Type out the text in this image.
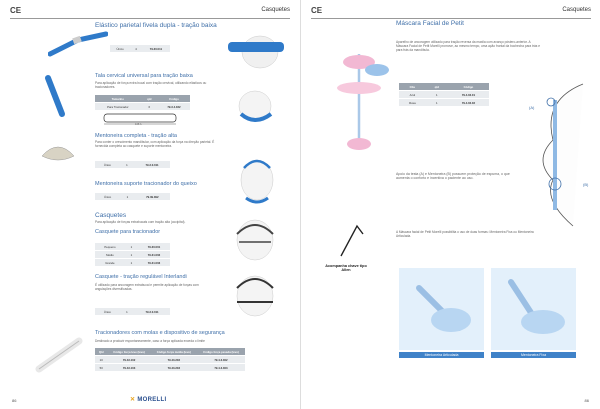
CE	Casquetes
Elástico parietal fivela dupla - tração baixa
Único	4	79.30.011
Tala cervical universal para tração baixa
Para aplicação de força extra bucal com tração cervical, utilizando elásticos ou tracionadores.
Tamanho	qtd	Código
Para Tracionador	6	79.3.4.022
165 A
Mentoneira completa - tração alta
Para conter o crescimento mandibular, com aplicação da força na direção parietal. É fornecida completa ao casquete e suporte mentoneira.
Único	1	79.3.0.011
Mentoneira suporte tracionador do queixo
Único	1	79.39.092
Casquetes
Para aplicação de forças extrabucais com tração alta (occipital).
Casquete para tracionador
Pequeno	1	79.30.001
Médio	1	79.31.002
Grande	1	79.31.003
Casquete - tração regulável Interlandi
É utilizado para ancoragem extrabucal e permite aplicação de forças com angulações diversificadas.
Único	1	79.3.0.011
Tracionadores com molas e dispositivo de segurança
Destinado a produzir espontaneamente, caso a força aplicada exceda o limite
Qtd	Código força leve (leve)	Código força média (leve)	Código força pesada (leve)
10	79.43.102	79.43.202	79.4.3.302
50	79.43.103	79.43.203	79.4.3.303
86	✕ MORELLI
CE	Casquetes
Máscara Facial de Petit
Aparelho de ancoragem utilizado para tração reversa da maxila com avanço póstero-anterior. A Máscara Facial de Petit Morelli promove, ao mesmo tempo, uma ação frontal da bochecha para trás e para frás da mandíbula.
Obs	qtd	Código
Azul	1	79.4.02.01
Rosa	1	79.4.02.02
(A)
(B)
Apoio da testa (A) e Mentoneira (B) possuem proteção de espuma, o que aumenta o conforto e incentiva o paciente ao uso.
A Máscara facial de Petit Morelli possibilita o uso de duas formas: Mentoneira Fixa ou Mentoneira Articulada.
Acompanha chave tipo Allen
Mentoneira Articulada	Mentoneira Fixa
86
